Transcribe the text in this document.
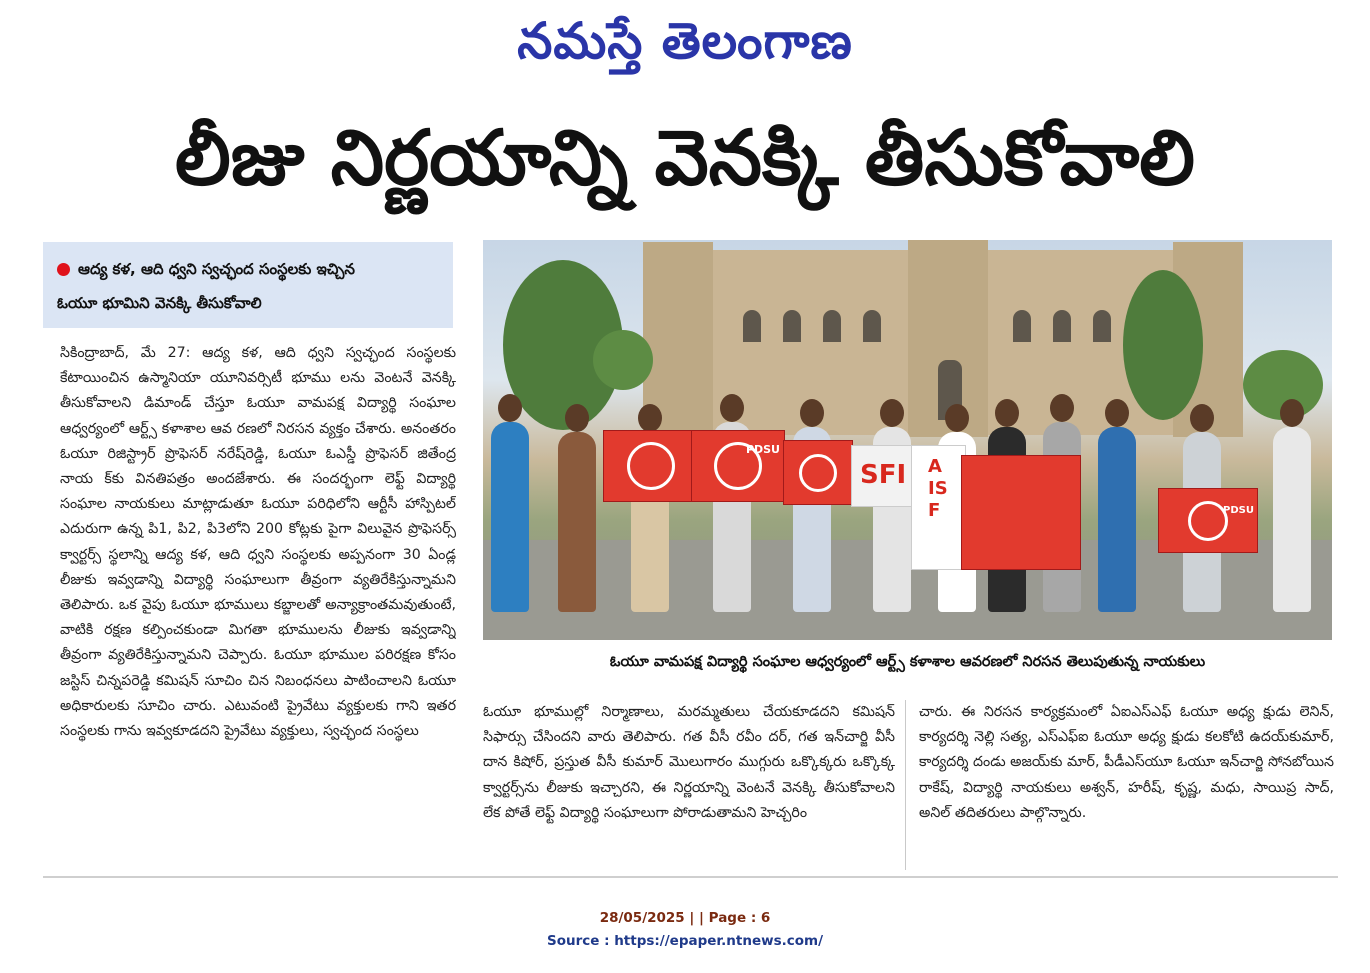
నమస్తే తెలంగాణ
లీజు నిర్ణయాన్ని వెనక్కి తీసుకోవాలి
ఆద్య కళ, ఆది ధ్వని స్వచ్ఛంద సంస్థలకు ఇచ్చిన
ఓయూ భూమిని వెనక్కి తీసుకోవాలి
సికింద్రాబాద్, మే 27: ఆద్య కళ, ఆది ధ్వని స్వచ్ఛంద సంస్థలకు కేటాయించిన ఉస్మానియా యూనివర్సిటీ భూము లను వెంటనే వెనక్కి తీసుకోవాలని డిమాండ్ చేస్తూ ఓయూ వామపక్ష విద్యార్థి సంఘాల ఆధ్వర్యంలో ఆర్ట్స్ కళాశాల ఆవ రణలో నిరసన వ్యక్తం చేశారు. అనంతరం ఓయూ రిజిస్ట్రార్ ప్రొఫెసర్ నరేష్‌రెడ్డి, ఓయూ ఓఎస్డీ ప్రొఫెసర్ జితేంద్ర నాయ క్‌కు వినతిపత్రం అందజేశారు. ఈ సందర్భంగా లెఫ్ట్ విద్యార్థి సంఘాల నాయకులు మాట్లాడుతూ ఓయూ పరిధిలోని ఆర్టీసీ హాస్పిటల్ ఎదురుగా ఉన్న పి1, పి2, పి3లోని 200 కోట్లకు పైగా విలువైన ప్రొఫెసర్స్ క్వార్టర్స్ స్థలాన్ని ఆద్య కళ, ఆది ధ్వని సంస్థలకు అప్పనంగా 30 ఏండ్ల లీజుకు ఇవ్వడాన్ని విద్యార్థి సంఘాలుగా తీవ్రంగా వ్యతిరేకిస్తున్నామని తెలిపారు. ఒక వైపు ఓయూ భూములు కబ్జాలతో అన్యాక్రాంతమవుతుంటే, వాటికి రక్షణ కల్పించకుండా మిగతా భూములను లీజుకు ఇవ్వడాన్ని తీవ్రంగా వ్యతిరేకిస్తున్నామని చెప్పారు. ఓయూ భూముల పరిరక్షణ కోసం జస్టిస్ చిన్నపరెడ్డి కమిషన్ సూచిం చిన నిబంధనలు పాటించాలని ఓయూ అధికారులకు సూచిం చారు. ఎటువంటి ప్రైవేటు వ్యక్తులకు గాని ఇతర సంస్థలకు గాను ఇవ్వకూడదని ప్రైవేటు వ్యక్తులు, స్వచ్ఛంద సంస్థలు
PDSU
SFI AISF	PDSU
ఓయూ వామపక్ష విద్యార్థి సంఘాల ఆధ్వర్యంలో ఆర్ట్స్ కళాశాల ఆవరణలో నిరసన తెలుపుతున్న నాయకులు
ఓయూ భూముల్లో నిర్మాణాలు, మరమ్మతులు చేయకూడదని కమిషన్ సిఫార్సు చేసిందని వారు తెలిపారు. గత వీసీ రవీం దర్, గత ఇన్‌చార్జి వీసీ దాన కిషోర్, ప్రస్తుత వీసీ కుమార్ మొలుగారం ముగ్గురు ఒక్కొక్కరు ఒక్కొక్క క్వార్టర్స్‌ను లీజుకు ఇచ్చారని, ఈ నిర్ణయాన్ని వెంటనే వెనక్కి తీసుకోవాలని లేక పోతే లెఫ్ట్ విద్యార్థి సంఘాలుగా పోరాడుతామని హెచ్చరిం
చారు. ఈ నిరసన కార్యక్రమంలో ఏఐఎస్ఎఫ్ ఓయూ అధ్య క్షుడు లెనిన్, కార్యదర్శి నెల్లి సత్య, ఎస్ఎఫ్ఐ ఓయూ అధ్య క్షుడు కలకోటి ఉదయ్‌కుమార్, కార్యదర్శి దండు అజయ్‌కు మార్, పీడీఎస్‌యూ ఓయూ ఇన్‌చార్జి సోనబోయిన రాకేష్, విద్యార్థి నాయకులు అశ్వన్, హరీష్, కృష్ణ, మధు, సాయిప్ర సాద్, అనిల్ తదితరులు పాల్గొన్నారు.
28/05/2025 | | Page : 6
Source : https://epaper.ntnews.com/
